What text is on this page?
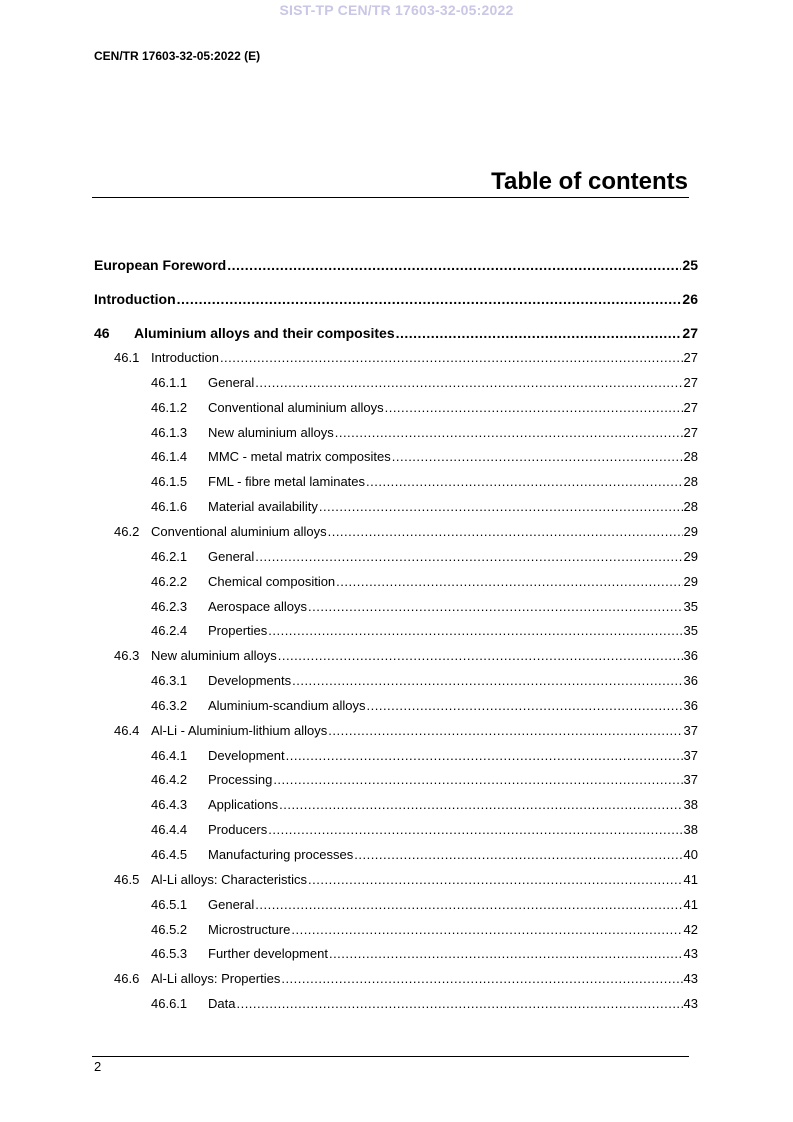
SIST-TP CEN/TR 17603-32-05:2022
CEN/TR 17603-32-05:2022 (E)
Table of contents
European Foreword .....	25
Introduction .....	26
46	Aluminium alloys and their composites .....	27
46.1 Introduction .....	27
46.1.1	General .....	27
46.1.2	Conventional aluminium alloys .....	27
46.1.3	New aluminium alloys .....	27
46.1.4	MMC - metal matrix composites .....	28
46.1.5	FML - fibre metal laminates .....	28
46.1.6	Material availability .....	28
46.2 Conventional aluminium alloys .....	29
46.2.1	General .....	29
46.2.2	Chemical composition .....	29
46.2.3	Aerospace alloys .....	35
46.2.4	Properties .....	35
46.3 New aluminium alloys .....	36
46.3.1	Developments .....	36
46.3.2	Aluminium-scandium alloys .....	36
46.4 Al-Li - Aluminium-lithium alloys .....	37
46.4.1	Development .....	37
46.4.2	Processing .....	37
46.4.3	Applications .....	38
46.4.4	Producers .....	38
46.4.5	Manufacturing processes .....	40
46.5 Al-Li alloys: Characteristics .....	41
46.5.1	General .....	41
46.5.2	Microstructure .....	42
46.5.3	Further development .....	43
46.6 Al-Li alloys: Properties .....	43
46.6.1	Data .....	43
2
